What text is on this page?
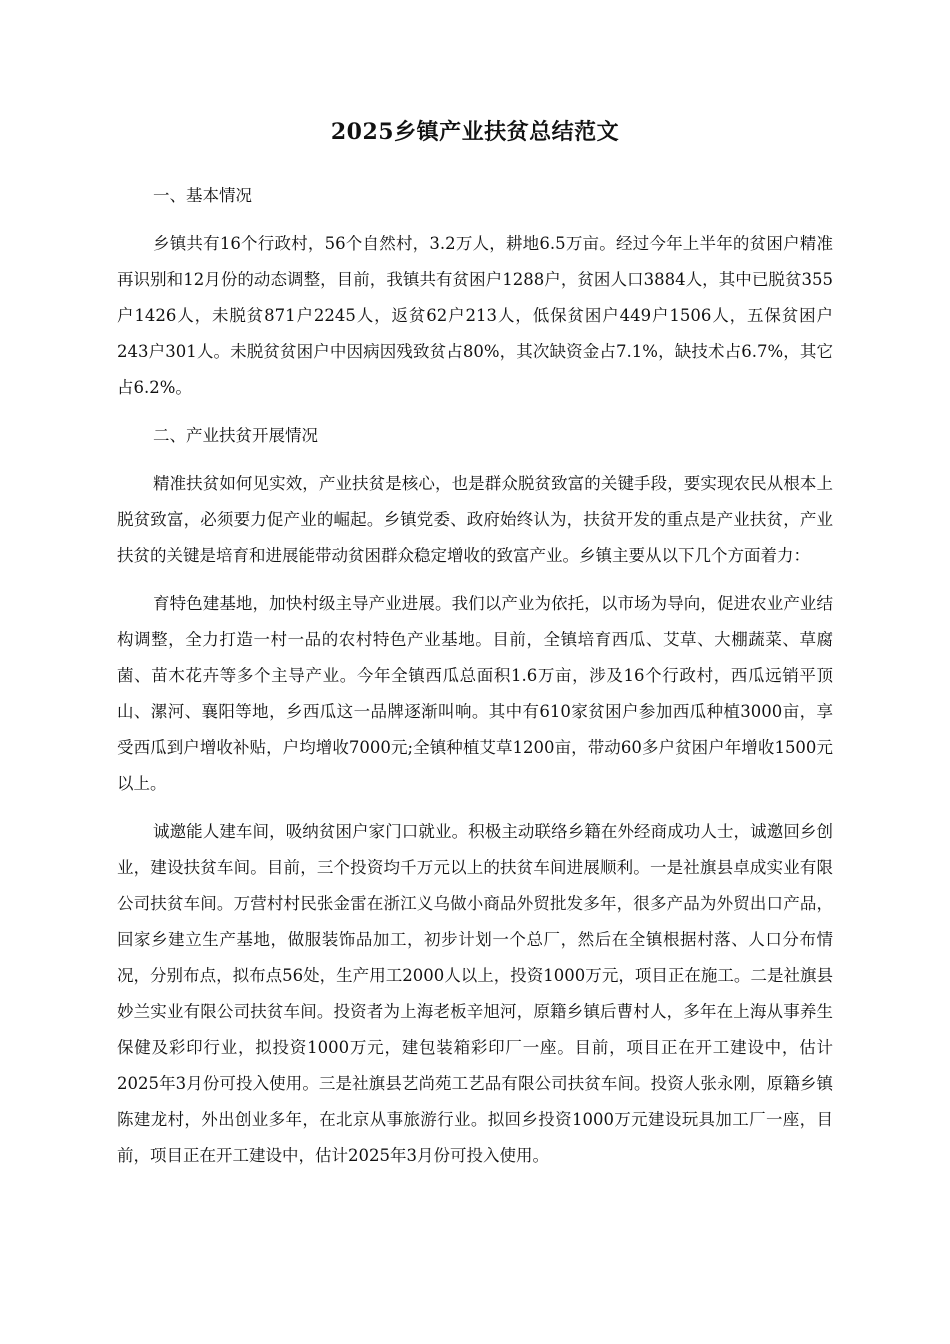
2025乡镇产业扶贫总结范文

一、基本情况

乡镇共有16个行政村，56个自然村，3.2万人，耕地6.5万亩。经过今年上半年的贫困户精准再识别和12月份的动态调整，目前，我镇共有贫困户1288户，贫困人口3884人，其中已脱贫355户1426人，未脱贫871户2245人，返贫62户213人，低保贫困户449户1506人，五保贫困户243户301人。未脱贫贫困户中因病因残致贫占80%，其次缺资金占7.1%，缺技术占6.7%，其它占6.2%。

二、产业扶贫开展情况

精准扶贫如何见实效，产业扶贫是核心，也是群众脱贫致富的关键手段，要实现农民从根本上脱贫致富，必须要力促产业的崛起。乡镇党委、政府始终认为，扶贫开发的重点是产业扶贫，产业扶贫的关键是培育和进展能带动贫困群众稳定增收的致富产业。乡镇主要从以下几个方面着力：

育特色建基地，加快村级主导产业进展。我们以产业为依托，以市场为导向，促进农业产业结构调整，全力打造一村一品的农村特色产业基地。目前，全镇培育西瓜、艾草、大棚蔬菜、草腐菌、苗木花卉等多个主导产业。今年全镇西瓜总面积1.6万亩，涉及16个行政村，西瓜远销平顶山、漯河、襄阳等地，乡西瓜这一品牌逐渐叫响。其中有610家贫困户参加西瓜种植3000亩，享受西瓜到户增收补贴，户均增收7000元;全镇种植艾草1200亩，带动60多户贫困户年增收1500元以上。

诚邀能人建车间，吸纳贫困户家门口就业。积极主动联络乡籍在外经商成功人士，诚邀回乡创业，建设扶贫车间。目前，三个投资均千万元以上的扶贫车间进展顺利。一是社旗县卓成实业有限公司扶贫车间。万营村村民张金雷在浙江义乌做小商品外贸批发多年，很多产品为外贸出口产品，回家乡建立生产基地，做服装饰品加工，初步计划一个总厂，然后在全镇根据村落、人口分布情况，分别布点，拟布点56处，生产用工2000人以上，投资1000万元，项目正在施工。二是社旗县妙兰实业有限公司扶贫车间。投资者为上海老板辛旭河，原籍乡镇后曹村人，多年在上海从事养生保健及彩印行业，拟投资1000万元，建包装箱彩印厂一座。目前，项目正在开工建设中，估计2025年3月份可投入使用。三是社旗县艺尚苑工艺品有限公司扶贫车间。投资人张永刚，原籍乡镇陈建龙村，外出创业多年，在北京从事旅游行业。拟回乡投资1000万元建设玩具加工厂一座，目前，项目正在开工建设中，估计2025年3月份可投入使用。
